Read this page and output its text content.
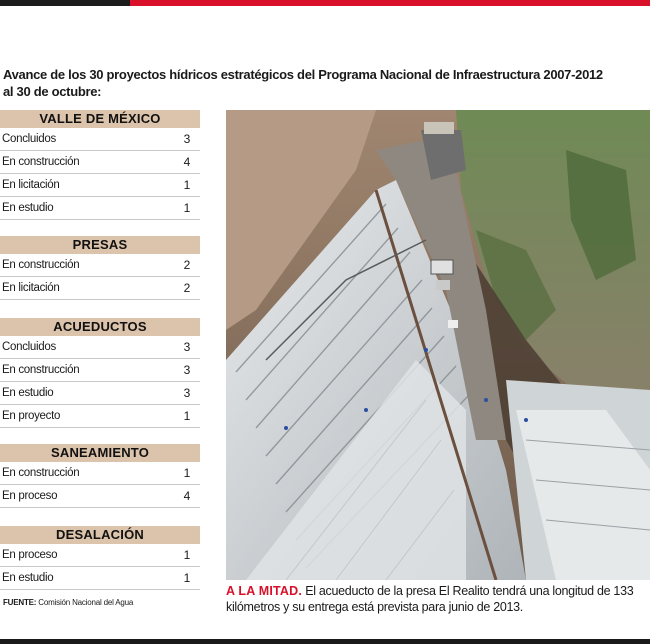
Avance de los 30 proyectos hídricos estratégicos del Programa Nacional de Infraestructura 2007-2012
al 30 de octubre:
VALLE DE MÉXICO
Concluidos	3
En construcción	4
En licitación	1
En estudio	1
PRESAS
En construcción	2
En licitación	2
ACUEDUCTOS
Concluidos	3
En construcción	3
En estudio	3
En proyecto	1
SANEAMIENTO
En construcción	1
En proceso	4
DESALACIÓN
En proceso	1
En estudio	1
FUENTE: Comisión Nacional del Agua
A LA MITAD. El acueducto de la presa El Realito tendrá una longitud de 133 kilómetros y su entrega está prevista para junio de 2013.
